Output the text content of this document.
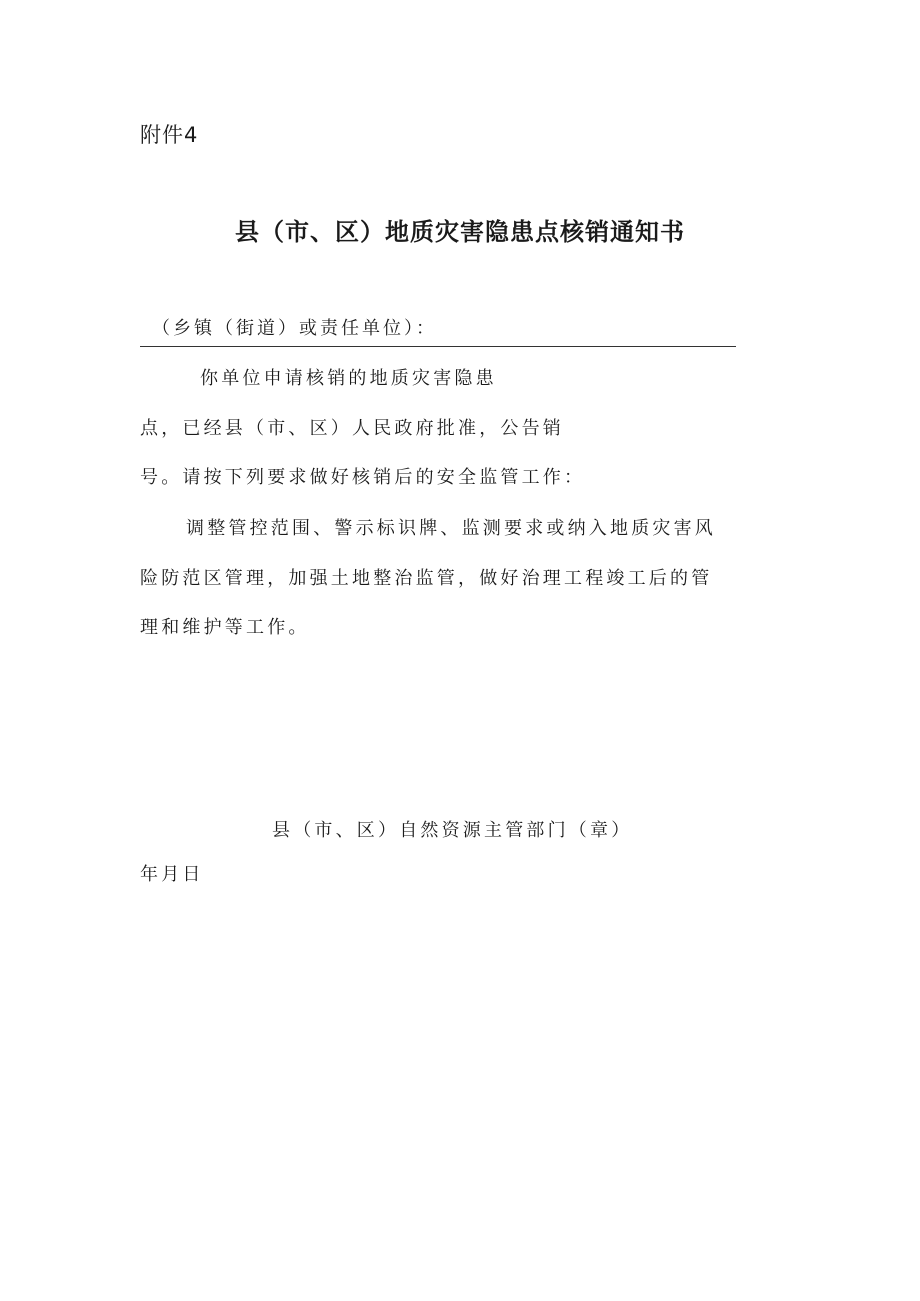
附件4
县（市、区）地质灾害隐患点核销通知书
（乡镇（街道）或责任单位）：
你单位申请核销的地质灾害隐患
点，已经县（市、区）人民政府批准，公告销
号。请按下列要求做好核销后的安全监管工作：
调整管控范围、警示标识牌、监测要求或纳入地质灾害风
险防范区管理，加强土地整治监管，做好治理工程竣工后的管
理和维护等工作。
县（市、区）自然资源主管部门（章）
年月日
